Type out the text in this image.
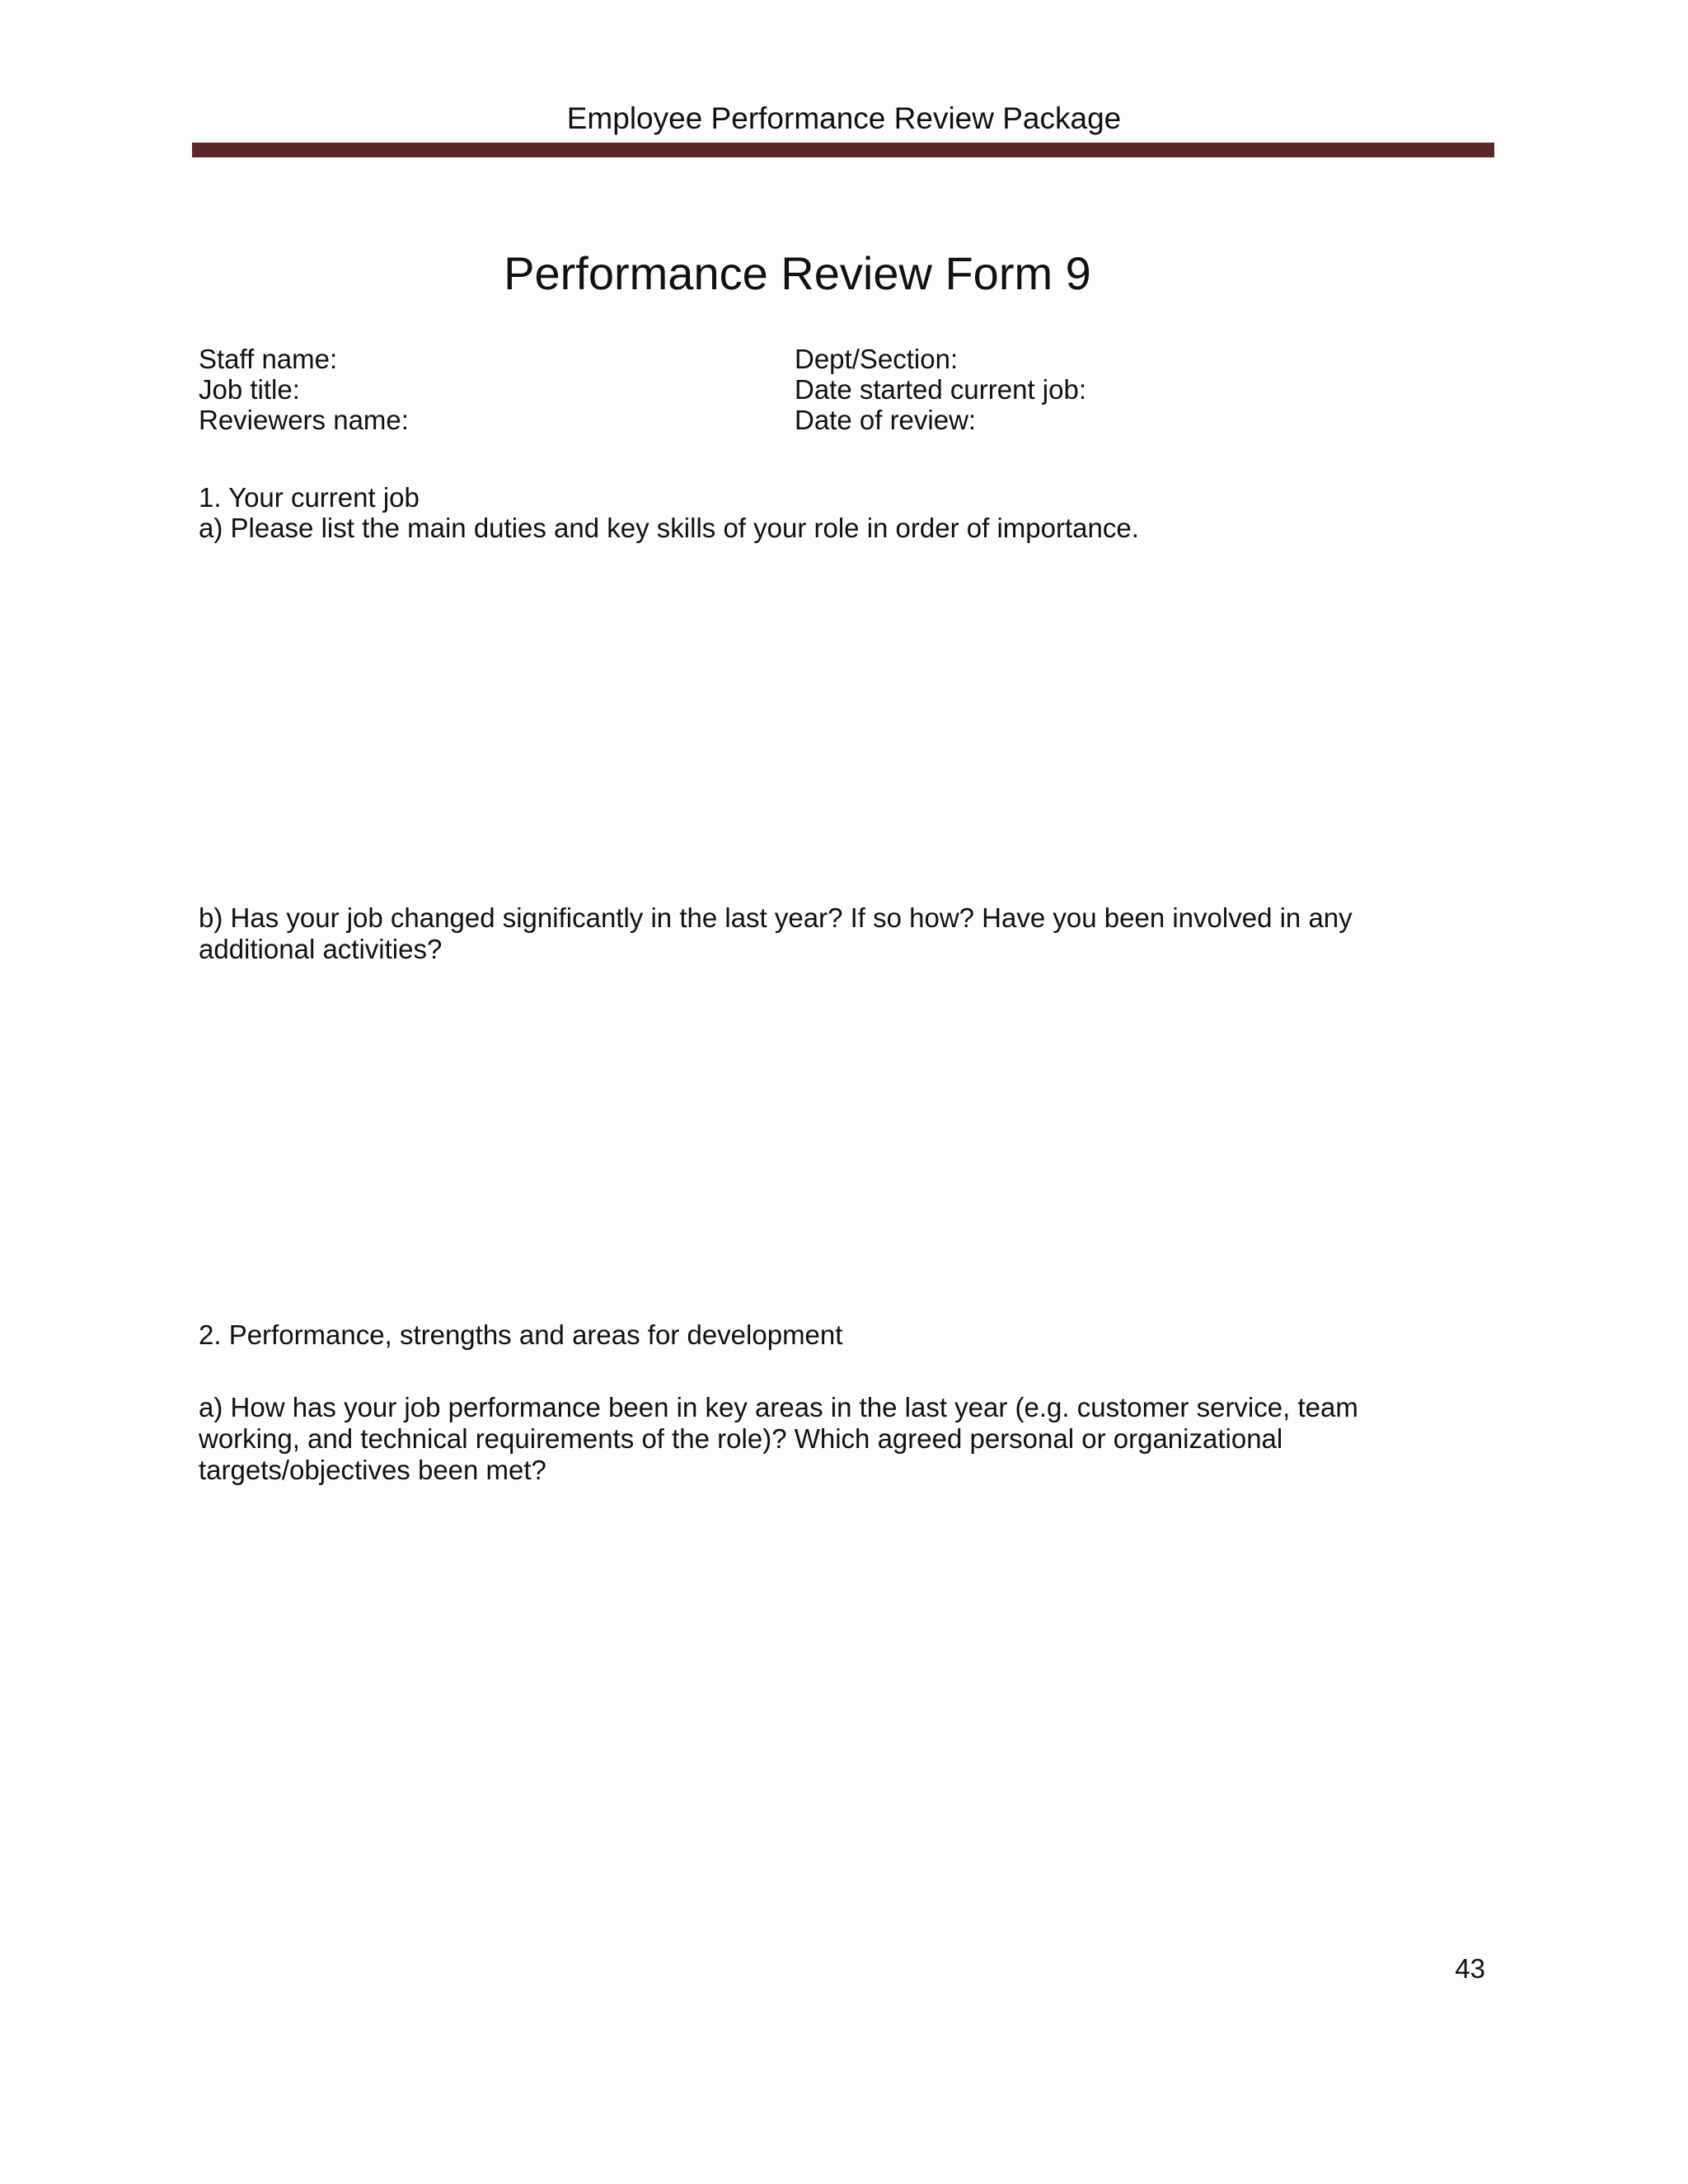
Employee Performance Review Package
Performance Review Form 9
Staff name:
Job title:
Reviewers name:
Dept/Section:
Date started current job:
Date of review:
1. Your current job
a) Please list the main duties and key skills of your role in order of importance.
b) Has your job changed significantly in the last year? If so how? Have you been involved in any additional activities?
2. Performance, strengths and areas for development
a) How has your job performance been in key areas in the last year (e.g. customer service, team working, and technical requirements of the role)? Which agreed personal or organizational targets/objectives been met?
43
